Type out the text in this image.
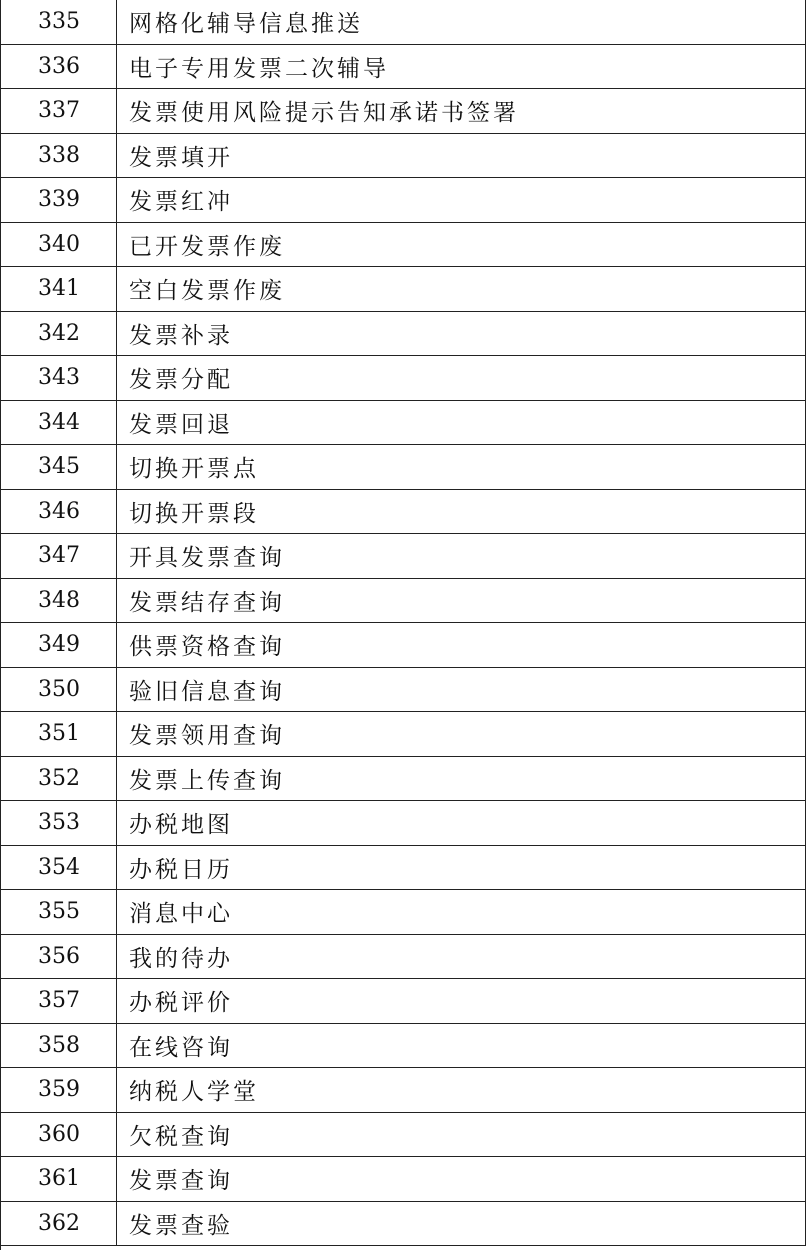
335	网格化辅导信息推送
336	电子专用发票二次辅导
337	发票使用风险提示告知承诺书签署
338	发票填开
339	发票红冲
340	已开发票作废
341	空白发票作废
342	发票补录
343	发票分配
344	发票回退
345	切换开票点
346	切换开票段
347	开具发票查询
348	发票结存查询
349	供票资格查询
350	验旧信息查询
351	发票领用查询
352	发票上传查询
353	办税地图
354	办税日历
355	消息中心
356	我的待办
357	办税评价
358	在线咨询
359	纳税人学堂
360	欠税查询
361	发票查询
362	发票查验
